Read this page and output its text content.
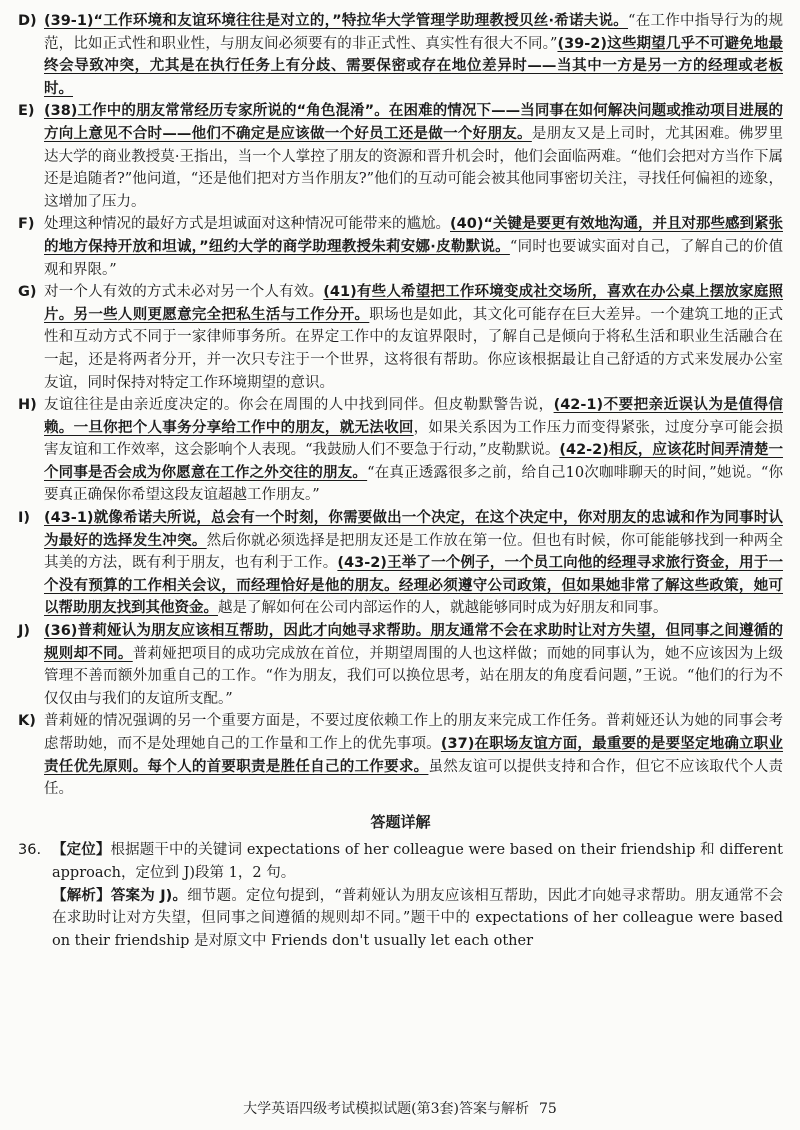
D) (39-1)“工作环境和友谊环境往往是对立的，”特拉华大学管理学助理教授贝丝·希诺夫说。“在工作中指导行为的规范，比如正式性和职业性，与朋友间必须要有的非正式性、真实性有很大不同。”(39-2)这些期望几乎不可避免地最终会导致冲突，尤其是在执行任务上有分歧、需要保密或存在地位差异时——当其中一方是另一方的经理或老板时。

E) (38)工作中的朋友常常经历专家所说的“角色混淆”。在困难的情况下——当同事在如何解决问题或推动项目进展的方向上意见不合时——他们不确定是应该做一个好员工还是做一个好朋友。是朋友又是上司时，尤其困难。佛罗里达大学的商业教授莫·王指出，当一个人掌控了朋友的资源和晋升机会时，他们会面临两难。“他们会把对方当作下属还是追随者?”他问道，“还是他们把对方当作朋友?”他们的互动可能会被其他同事密切关注，寻找任何偏袒的迹象，这增加了压力。

F) 处理这种情况的最好方式是坦诚面对这种情况可能带来的尴尬。(40)“关键是要更有效地沟通，并且对那些感到紧张的地方保持开放和坦诚，”纽约大学的商学助理教授朱莉安娜·皮勒默说。“同时也要诚实面对自己，了解自己的价值观和界限。”

G) 对一个人有效的方式未必对另一个人有效。(41)有些人希望把工作环境变成社交场所，喜欢在办公桌上摆放家庭照片。另一些人则更愿意完全把私生活与工作分开。职场也是如此，其文化可能存在巨大差异。一个建筑工地的正式性和互动方式不同于一家律师事务所。在界定工作中的友谊界限时，了解自己是倾向于将私生活和职业生活融合在一起，还是将两者分开，并一次只专注于一个世界，这将很有帮助。你应该根据最让自己舒适的方式来发展办公室友谊，同时保持对特定工作环境期望的意识。

H) 友谊往往是由亲近度决定的。你会在周围的人中找到同伴。但皮勒默警告说，(42-1)不要把亲近误认为是值得信赖。一旦你把个人事务分享给工作中的朋友，就无法收回，如果关系因为工作压力而变得紧张，过度分享可能会损害友谊和工作效率，这会影响个人表现。“我鼓励人们不要急于行动，”皮勒默说。(42-2)相反，应该花时间弄清楚一个同事是否会成为你愿意在工作之外交往的朋友。“在真正透露很多之前，给自己10次咖啡聊天的时间，”她说。“你要真正确保你希望这段友谊超越工作朋友。”

I) (43-1)就像希诺夫所说，总会有一个时刻，你需要做出一个决定，在这个决定中，你对朋友的忠诚和作为同事时认为最好的选择发生冲突。然后你就必须选择是把朋友还是工作放在第一位。但也有时候，你可能能够找到一种两全其美的方法，既有利于朋友，也有利于工作。(43-2)王举了一个例子，一个员工向他的经理寻求旅行资金，用于一个没有预算的工作相关会议，而经理恰好是他的朋友。经理必须遵守公司政策，但如果她非常了解这些政策，她可以帮助朋友找到其他资金。越是了解如何在公司内部运作的人，就越能够同时成为好朋友和同事。

J) (36)普莉娅认为朋友应该相互帮助，因此才向她寻求帮助。朋友通常不会在求助时让对方失望，但同事之间遵循的规则却不同。普莉娅把项目的成功完成放在首位，并期望周围的人也这样做；而她的同事认为，她不应该因为上级管理不善而额外加重自己的工作。“作为朋友，我们可以换位思考，站在朋友的角度看问题，”王说。“他们的行为不仅仅由与我们的友谊所支配。”

K) 普莉娅的情况强调的另一个重要方面是，不要过度依赖工作上的朋友来完成工作任务。普莉娅还认为她的同事会考虑帮助她，而不是处理她自己的工作量和工作上的优先事项。(37)在职场友谊方面，最重要的是要坚定地确立职业责任优先原则。每个人的首要职责是胜任自己的工作要求。虽然友谊可以提供支持和合作，但它不应该取代个人责任。

答题详解

36. 【定位】根据题干中的关键词 expectations of her colleague were based on their friendship 和 different approach，定位到 J)段第 1，2 句。
【解析】答案为 J)。细节题。定位句提到，“普莉娅认为朋友应该相互帮助，因此才向她寻求帮助。朋友通常不会在求助时让对方失望，但同事之间遵循的规则却不同。”题干中的 expectations of her colleague were based on their friendship 是对原文中 Friends don't usually let each other

大学英语四级考试模拟试题(第3套)答案与解析 75
